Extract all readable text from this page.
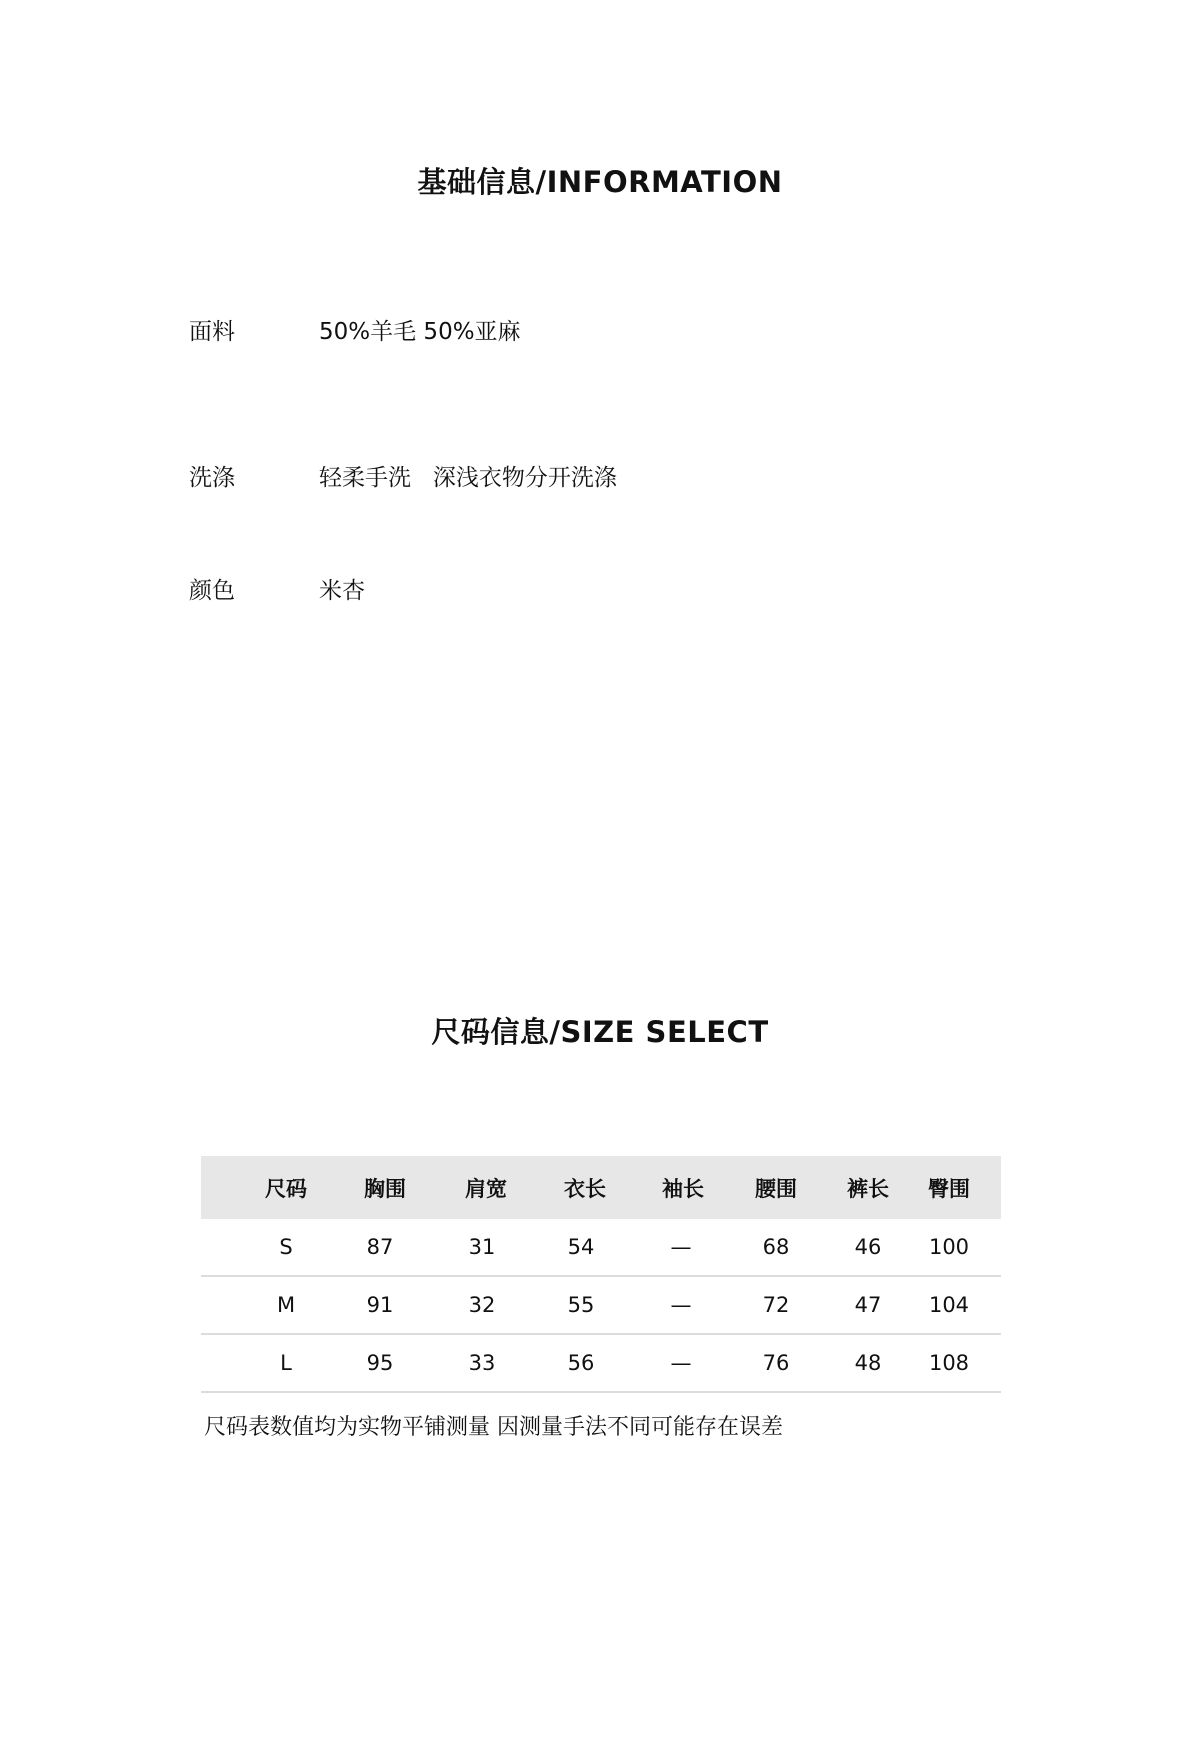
基础信息/INFORMATION
面料	50%羊毛 50%亚麻
洗涤	轻柔手洗   深浅衣物分开洗涤
颜色	米杏
尺码信息/SIZE SELECT
尺码	胸围	肩宽	衣长	袖长	腰围	裤长	臀围
S	87	31	54	—	68	46	100
M	91	32	55	—	72	47	104
L	95	33	56	—	76	48	108
尺码表数值均为实物平铺测量 因测量手法不同可能存在误差
